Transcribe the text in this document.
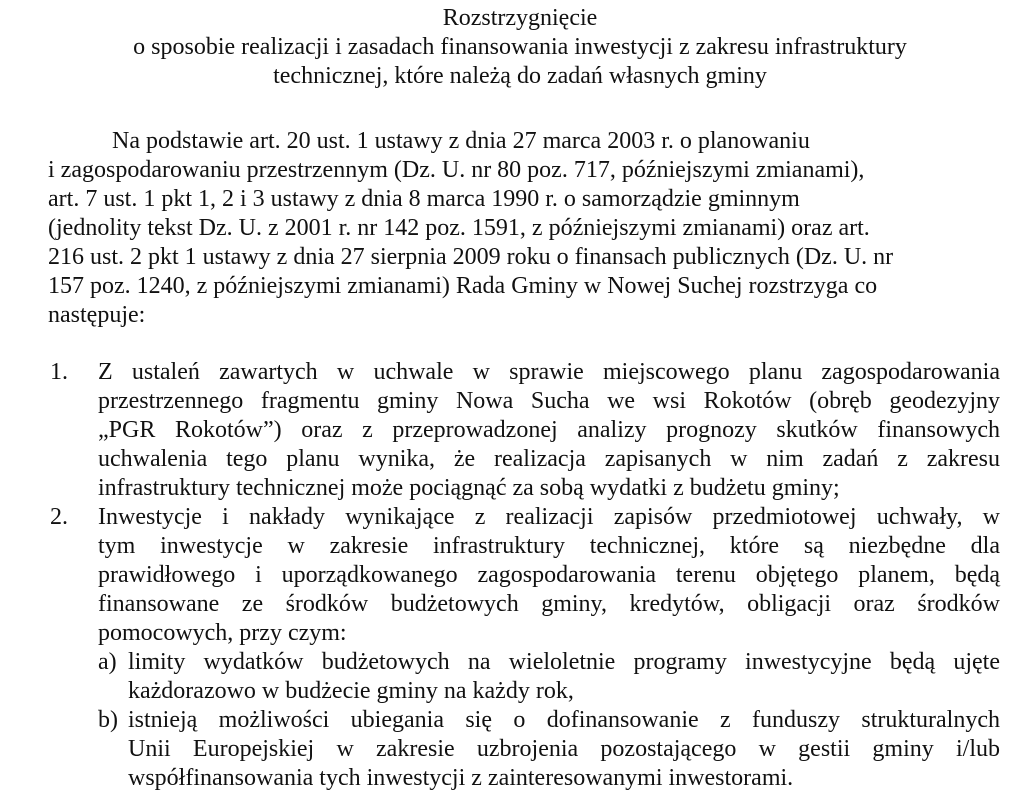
Rozstrzygnięcie
o sposobie realizacji i zasadach finansowania inwestycji z zakresu infrastruktury
technicznej, które należą do zadań własnych gminy
Na podstawie art. 20 ust. 1 ustawy z dnia 27 marca 2003 r. o planowaniu
i zagospodarowaniu przestrzennym (Dz. U. nr 80 poz. 717, późniejszymi zmianami),
art. 7 ust. 1 pkt 1, 2 i 3 ustawy z dnia 8 marca 1990 r. o samorządzie gminnym
(jednolity tekst Dz. U. z 2001 r. nr 142 poz. 1591, z późniejszymi zmianami) oraz art.
216 ust. 2 pkt 1 ustawy z dnia 27 sierpnia 2009 roku o finansach publicznych (Dz. U. nr
157 poz. 1240, z późniejszymi zmianami) Rada Gminy w Nowej Suchej rozstrzyga co
następuje:
1. Z ustaleń zawartych w uchwale w sprawie miejscowego planu zagospodarowania
przestrzennego fragmentu gminy Nowa Sucha we wsi Rokotów (obręb geodezyjny
„PGR Rokotów”) oraz z przeprowadzonej analizy prognozy skutków finansowych
uchwalenia tego planu wynika, że realizacja zapisanych w nim zadań z zakresu
infrastruktury technicznej może pociągnąć za sobą wydatki z budżetu gminy;
2. Inwestycje i nakłady wynikające z realizacji zapisów przedmiotowej uchwały, w
tym inwestycje w zakresie infrastruktury technicznej, które są niezbędne dla
prawidłowego i uporządkowanego zagospodarowania terenu objętego planem, będą
finansowane ze środków budżetowych gminy, kredytów, obligacji oraz środków
pomocowych, przy czym:
a) limity wydatków budżetowych na wieloletnie programy inwestycyjne będą ujęte
każdorazowo w budżecie gminy na każdy rok,
b) istnieją możliwości ubiegania się o dofinansowanie z funduszy strukturalnych
Unii Europejskiej w zakresie uzbrojenia pozostającego w gestii gminy i/lub
współfinansowania tych inwestycji z zainteresowanymi inwestorami.
